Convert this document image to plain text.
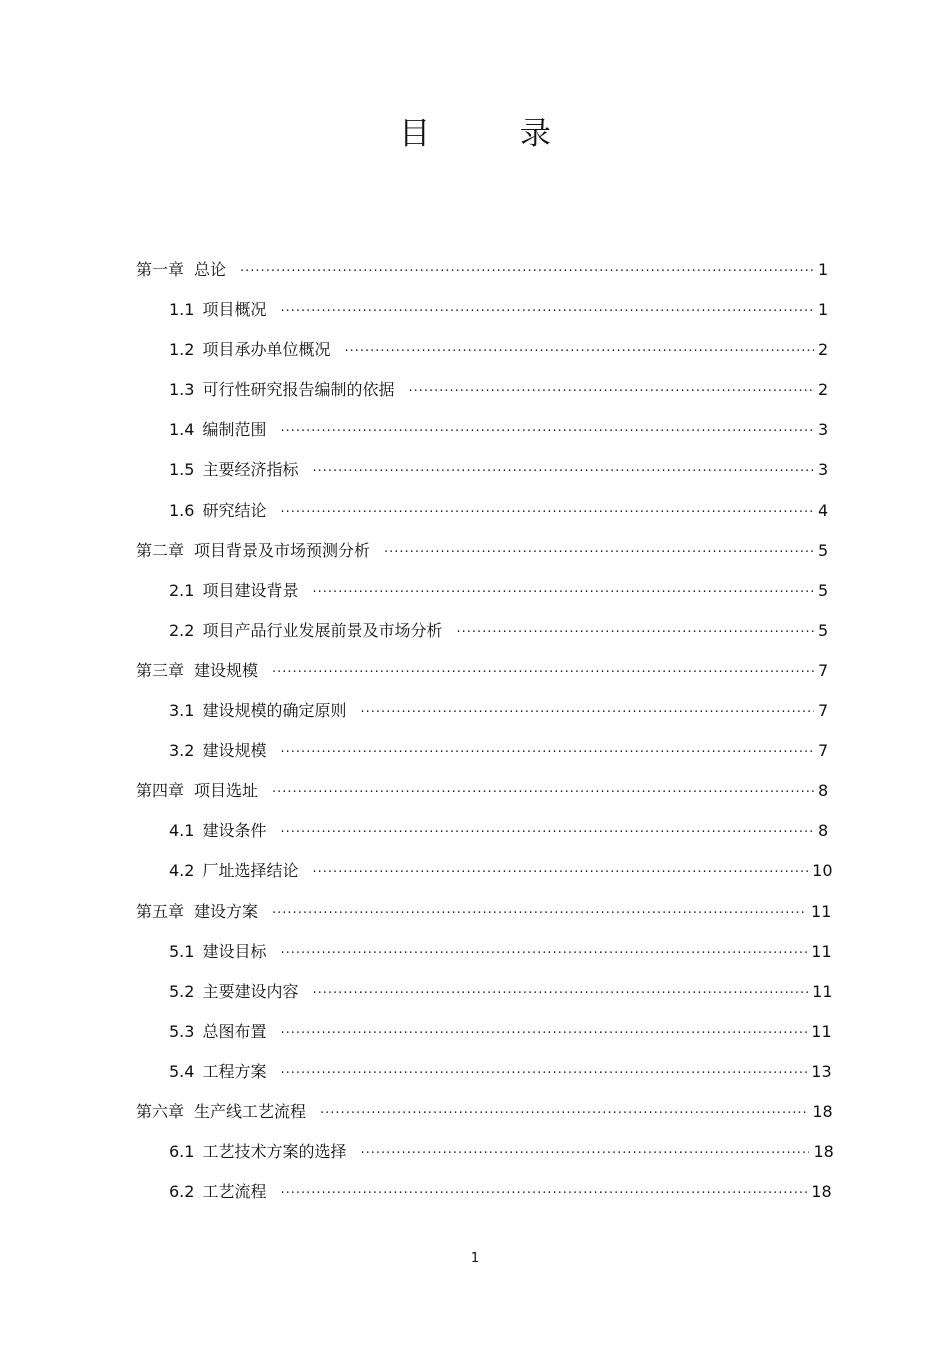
目 录
第一章 总论 ·····	1
1.1 项目概况 ·····	1
1.2 项目承办单位概况 ·····	2
1.3 可行性研究报告编制的依据 ·····	2
1.4 编制范围 ·····	3
1.5 主要经济指标 ·····	3
1.6 研究结论 ·····	4
第二章 项目背景及市场预测分析 ·····	5
2.1 项目建设背景 ·····	5
2.2 项目产品行业发展前景及市场分析 ·····	5
第三章 建设规模 ·····	7
3.1 建设规模的确定原则 ·····	7
3.2 建设规模 ·····	7
第四章 项目选址 ·····	8
4.1 建设条件 ·····	8
4.2 厂址选择结论 ·····	10
第五章 建设方案 ·····	11
5.1 建设目标 ·····	11
5.2 主要建设内容 ·····	11
5.3 总图布置 ·····	11
5.4 工程方案 ·····	13
第六章 生产线工艺流程 ·····	18
6.1 工艺技术方案的选择 ·····	18
6.2 工艺流程 ·····	18
1
